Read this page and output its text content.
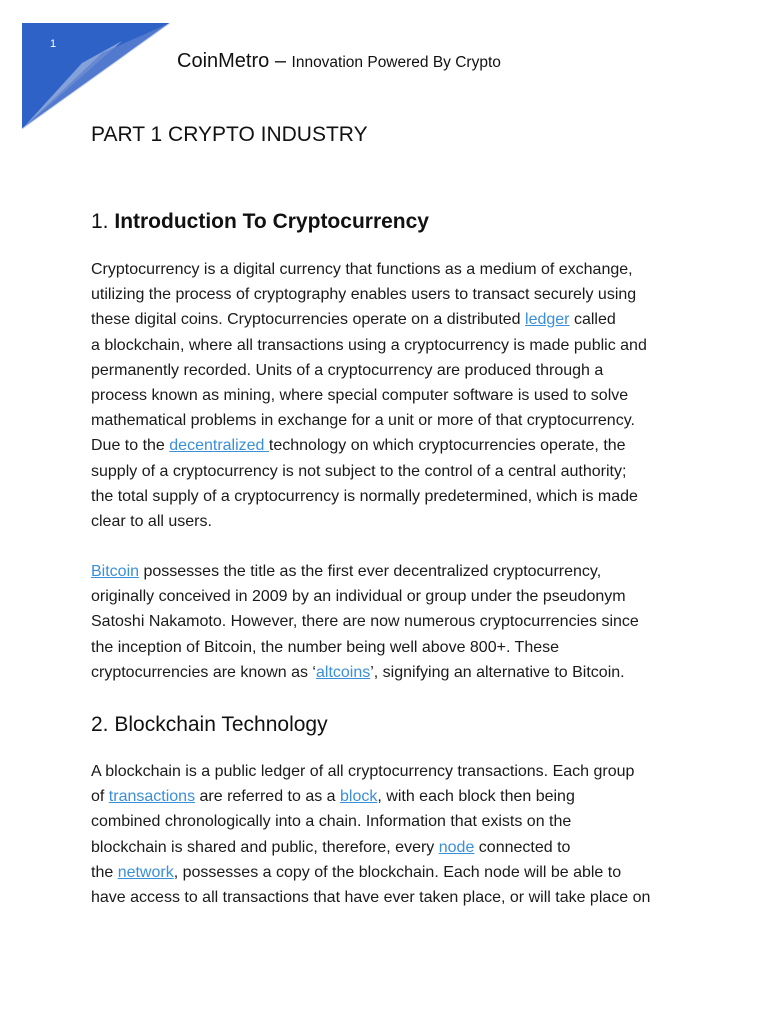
1
CoinMetro – Innovation Powered By Crypto
PART 1 CRYPTO INDUSTRY
1. Introduction To Cryptocurrency
Cryptocurrency is a digital currency that functions as a medium of exchange,
utilizing the process of cryptography enables users to transact securely using
these digital coins. Cryptocurrencies operate on a distributed ledger called
a blockchain, where all transactions using a cryptocurrency is made public and
permanently recorded. Units of a cryptocurrency are produced through a
process known as mining, where special computer software is used to solve
mathematical problems in exchange for a unit or more of that cryptocurrency.
Due to the decentralized technology on which cryptocurrencies operate, the
supply of a cryptocurrency is not subject to the control of a central authority;
the total supply of a cryptocurrency is normally predetermined, which is made
clear to all users.
Bitcoin possesses the title as the first ever decentralized cryptocurrency,
originally conceived in 2009 by an individual or group under the pseudonym
Satoshi Nakamoto. However, there are now numerous cryptocurrencies since
the inception of Bitcoin, the number being well above 800+. These
cryptocurrencies are known as ‘altcoins’, signifying an alternative to Bitcoin.
2. Blockchain Technology
A blockchain is a public ledger of all cryptocurrency transactions. Each group
of transactions are referred to as a block, with each block then being
combined chronologically into a chain. Information that exists on the
blockchain is shared and public, therefore, every node connected to
the network, possesses a copy of the blockchain. Each node will be able to
have access to all transactions that have ever taken place, or will take place on
